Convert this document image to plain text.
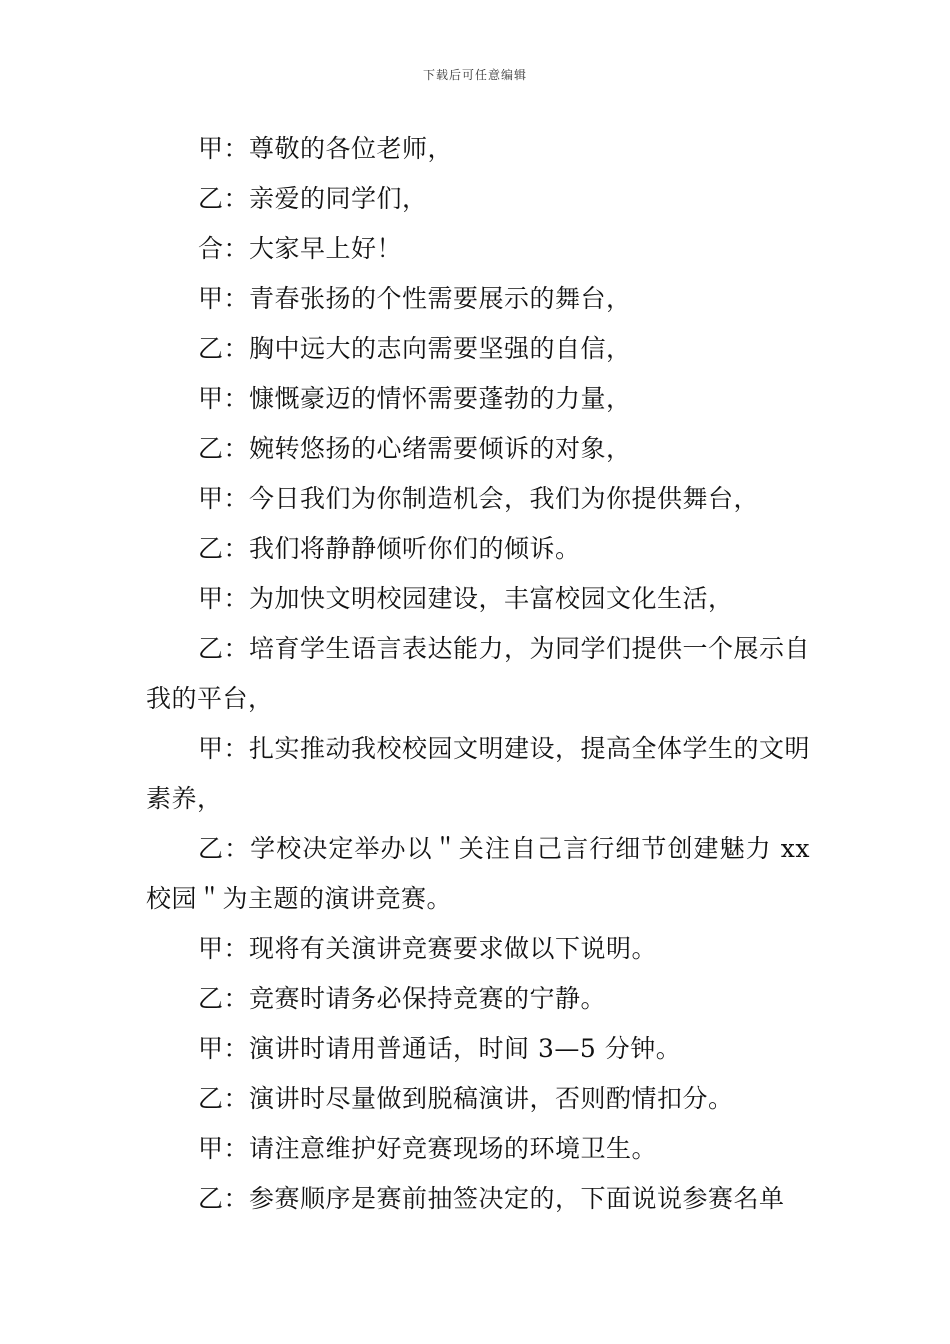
下载后可任意编辑

甲：尊敬的各位老师，

乙：亲爱的同学们，

合：大家早上好！

甲：青春张扬的个性需要展示的舞台，

乙：胸中远大的志向需要坚强的自信，

甲：慷慨豪迈的情怀需要蓬勃的力量，

乙：婉转悠扬的心绪需要倾诉的对象，

甲：今日我们为你制造机会，我们为你提供舞台，

乙：我们将静静倾听你们的倾诉。

甲：为加快文明校园建设，丰富校园文化生活，

乙：培育学生语言表达能力，为同学们提供一个展示自我的平台，

甲：扎实推动我校校园文明建设，提高全体学生的文明素养，

乙：学校决定举办以＂关注自己言行细节创建魅力 xx 校园＂为主题的演讲竞赛。

甲：现将有关演讲竞赛要求做以下说明。

乙：竞赛时请务必保持竞赛的宁静。

甲：演讲时请用普通话，时间 3—5 分钟。

乙：演讲时尽量做到脱稿演讲，否则酌情扣分。

甲：请注意维护好竞赛现场的环境卫生。

乙：参赛顺序是赛前抽签决定的，下面说说参赛名单
